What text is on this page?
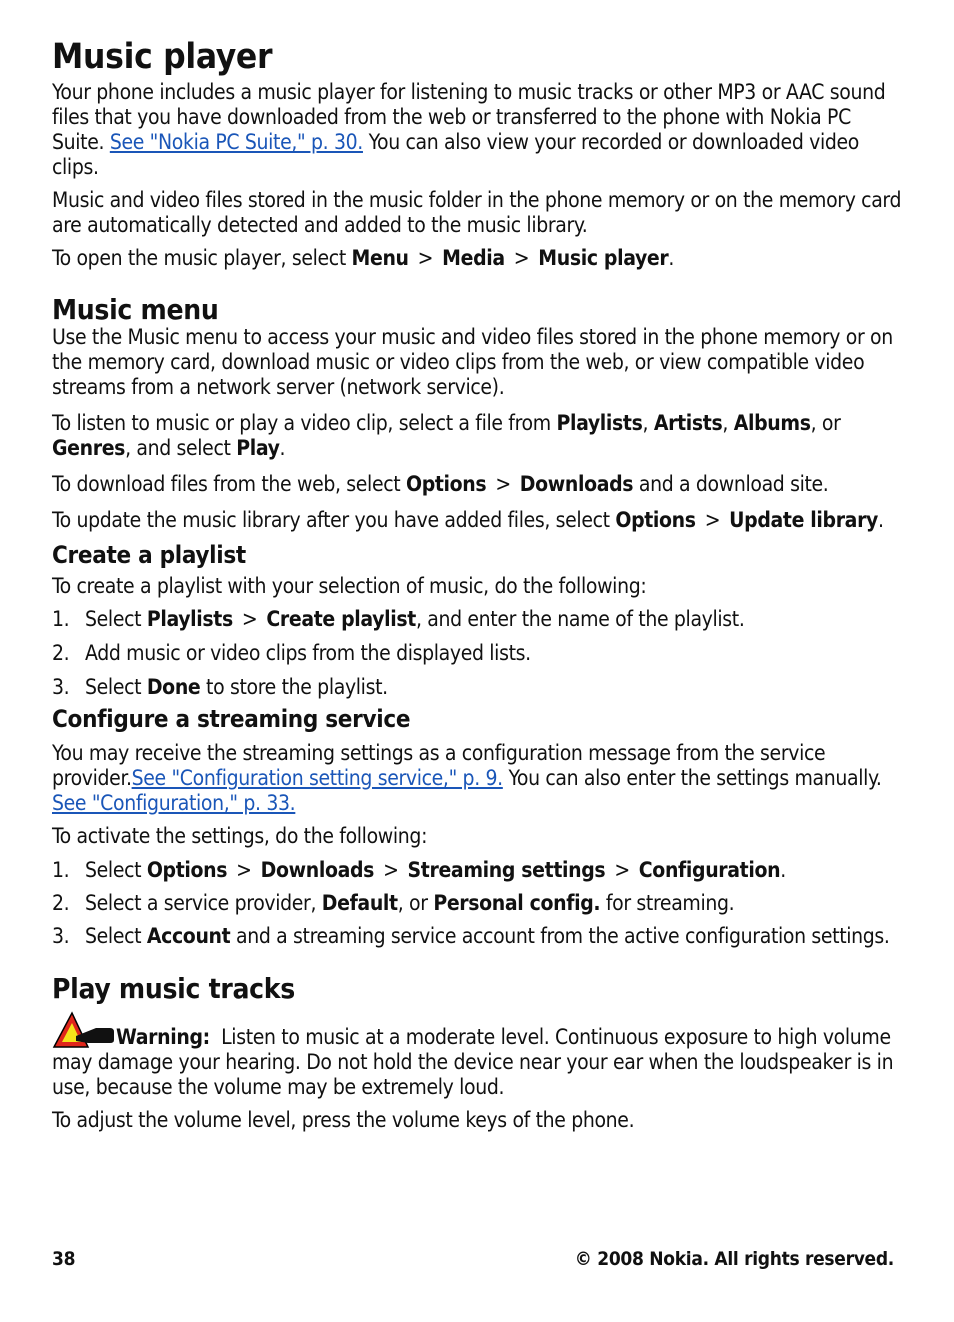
Music player

Your phone includes a music player for listening to music tracks or other MP3 or AAC sound files that you have downloaded from the web or transferred to the phone with Nokia PC Suite. See "Nokia PC Suite," p. 30. You can also view your recorded or downloaded video clips.

Music and video files stored in the music folder in the phone memory or on the memory card are automatically detected and added to the music library.

To open the music player, select Menu > Media > Music player.

Music menu

Use the Music menu to access your music and video files stored in the phone memory or on the memory card, download music or video clips from the web, or view compatible video streams from a network server (network service).

To listen to music or play a video clip, select a file from Playlists, Artists, Albums, or Genres, and select Play.

To download files from the web, select Options > Downloads and a download site.

To update the music library after you have added files, select Options > Update library.

Create a playlist

To create a playlist with your selection of music, do the following:

1. Select Playlists > Create playlist, and enter the name of the playlist.
2. Add music or video clips from the displayed lists.
3. Select Done to store the playlist.
Configure a streaming service

You may receive the streaming settings as a configuration message from the service provider.See "Configuration setting service," p. 9. You can also enter the settings manually. See "Configuration," p. 33.

To activate the settings, do the following:

1. Select Options > Downloads > Streaming settings > Configuration.
2. Select a service provider, Default, or Personal config. for streaming.
3. Select Account and a streaming service account from the active configuration settings.
Play music tracks

Warning:  Listen to music at a moderate level. Continuous exposure to high volume may damage your hearing. Do not hold the device near your ear when the loudspeaker is in use, because the volume may be extremely loud.

To adjust the volume level, press the volume keys of the phone.

38	© 2008 Nokia. All rights reserved.
